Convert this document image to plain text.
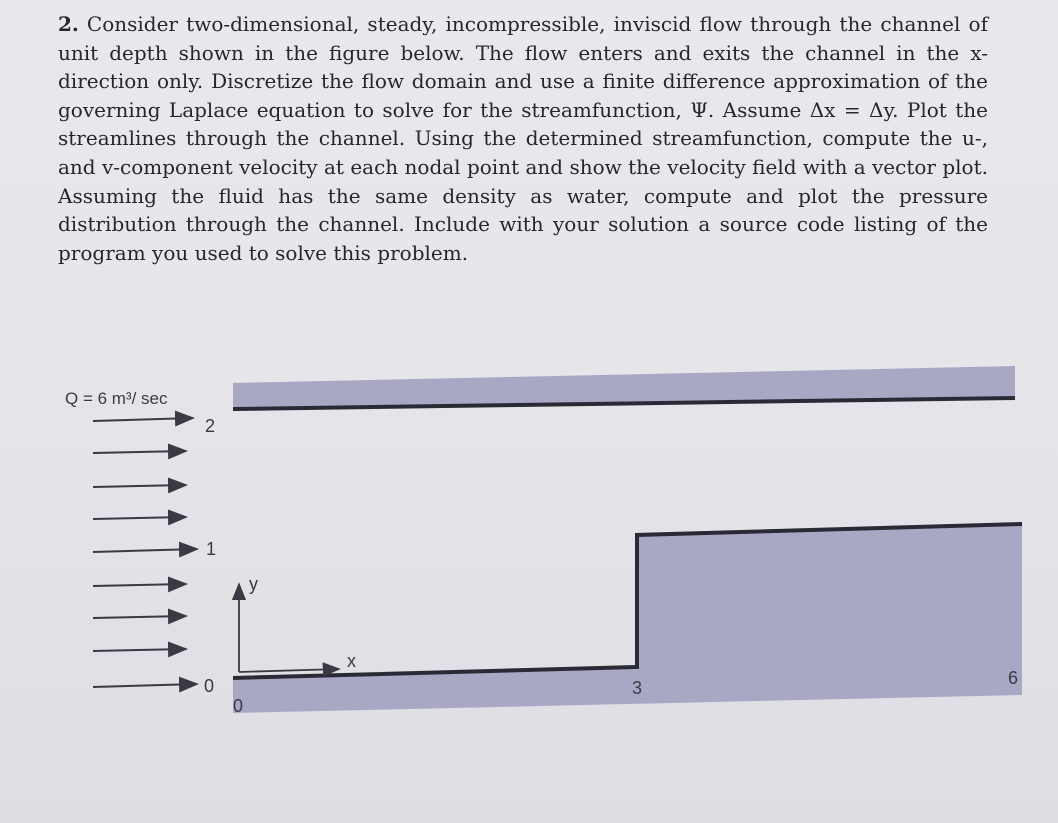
2. Consider two-dimensional, steady, incompressible, inviscid flow through the channel of unit depth shown in the figure below. The flow enters and exits the channel in the x-direction only. Discretize the flow domain and use a finite difference approximation of the governing Laplace equation to solve for the streamfunction, Ψ. Assume Δx = Δy. Plot the streamlines through the channel. Using the determined streamfunction, compute the u-, and v-component velocity at each nodal point and show the velocity field with a vector plot. Assuming the fluid has the same density as water, compute and plot the pressure distribution through the channel. Include with your solution a source code listing of the program you used to solve this problem.

Q = 6 m³/ sec
2
1
0
y
x
0
3	6
